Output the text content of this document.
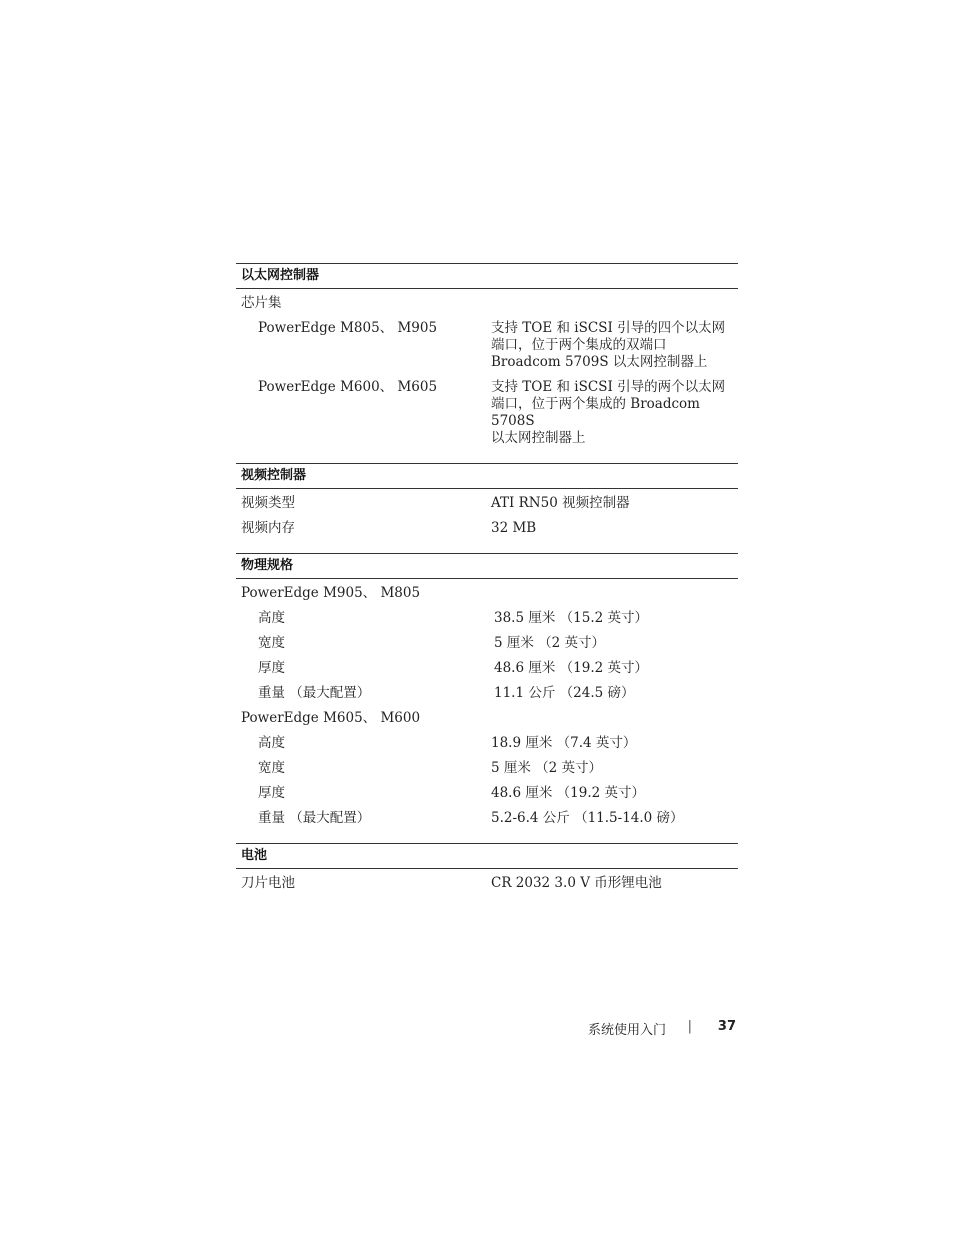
以太网控制器
芯片集
PowerEdge M805、 M905	支持 TOE 和 iSCSI 引导的四个以太网
端口，位于两个集成的双端口
Broadcom 5709S 以太网控制器上
PowerEdge M600、 M605	支持 TOE 和 iSCSI 引导的两个以太网
端口，位于两个集成的 Broadcom 5708S
以太网控制器上
视频控制器
视频类型	ATI RN50 视频控制器
视频内存	32 MB
物理规格
PowerEdge M905、 M805
高度	38.5 厘米 （15.2 英寸）
宽度	5 厘米 （2 英寸）
厚度	48.6 厘米 （19.2 英寸）
重量 （最大配置）	11.1 公斤 （24.5 磅）
PowerEdge M605、 M600
高度	18.9 厘米 （7.4 英寸）
宽度	5 厘米 （2 英寸）
厚度	48.6 厘米 （19.2 英寸）
重量 （最大配置）	5.2-6.4 公斤 （11.5-14.0 磅）
电池
刀片电池	CR 2032 3.0 V 币形锂电池
系统使用入门 | 37
